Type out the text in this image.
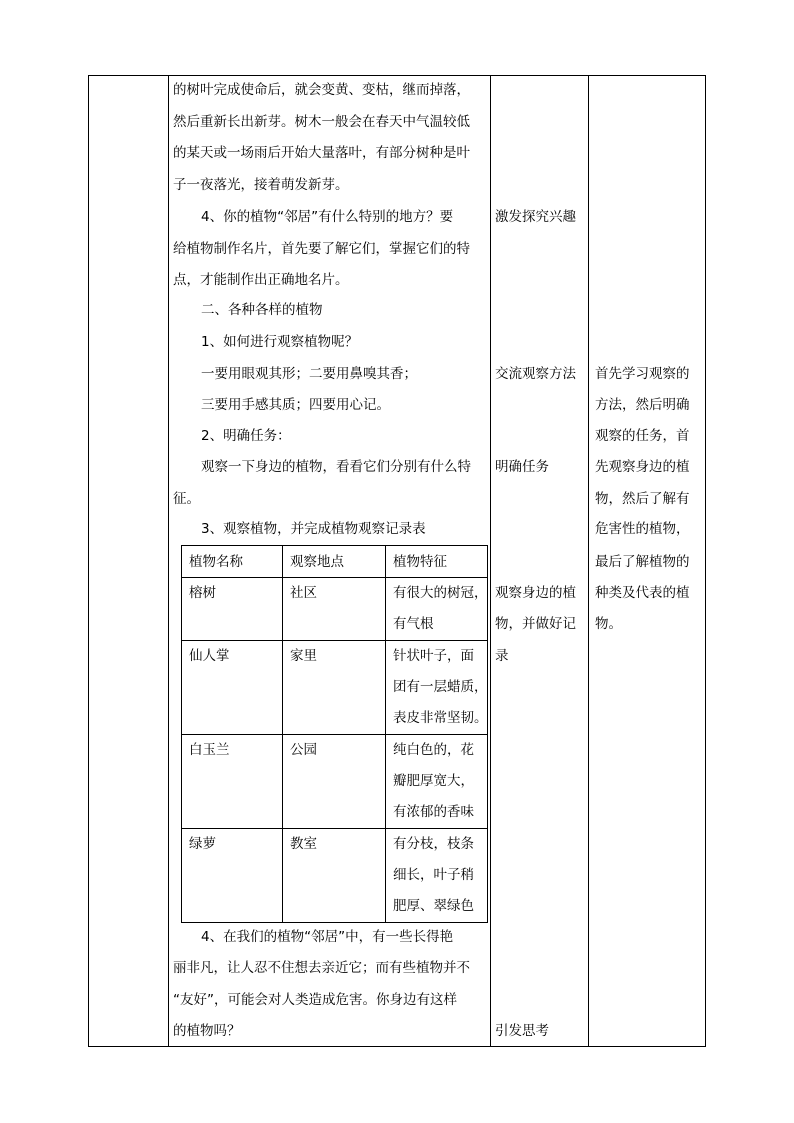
的树叶完成使命后，就会变黄、变枯，继而掉落，
然后重新长出新芽。树木一般会在春天中气温较低
的某天或一场雨后开始大量落叶，有部分树种是叶
子一夜落光，接着萌发新芽。
4、你的植物“邻居”有什么特别的地方？要
给植物制作名片，首先要了解它们，掌握它们的特
点，才能制作出正确地名片。
二、各种各样的植物
1、如何进行观察植物呢？
一要用眼观其形；二要用鼻嗅其香；
三要用手感其质；四要用心记。
2、明确任务：
观察一下身边的植物，看看它们分别有什么特
征。
3、观察植物，并完成植物观察记录表
植物名称	观察地点	植物特征
榕树	社区	有很大的树冠，
有气根
仙人掌	家里	针状叶子，面
团有一层蜡质，
表皮非常坚韧。
白玉兰	公园	纯白色的，花
瓣肥厚宽大，
有浓郁的香味
绿萝	教室	有分枝，枝条
细长，叶子稍
肥厚、翠绿色
4、在我们的植物“邻居”中，有一些长得艳
丽非凡，让人忍不住想去亲近它；而有些植物并不
“友好”，可能会对人类造成危害。你身边有这样
的植物吗？
激发探究兴趣
交流观察方法
明确任务
观察身边的植
物，并做好记
录
引发思考
首先学习观察的
方法，然后明确
观察的任务，首
先观察身边的植
物，然后了解有
危害性的植物，
最后了解植物的
种类及代表的植
物。
